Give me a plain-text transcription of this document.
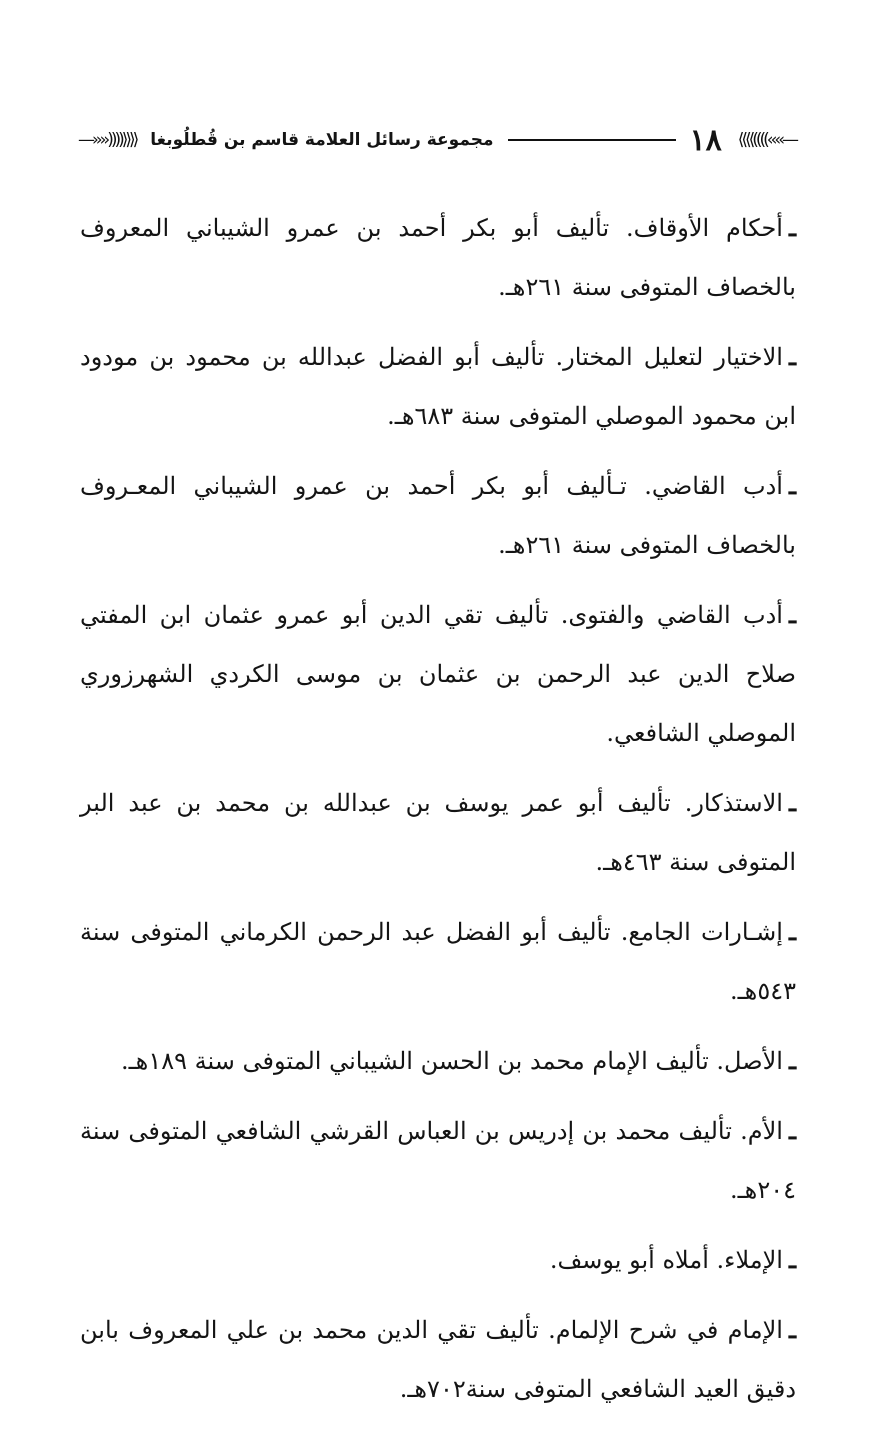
⟨⟨⟨⟨((((‹‹‹‹—
١٨
مجموعة رسائل العلامة قاسم بن قُطلُوبغا
—››››))))⟩⟩⟩⟩
ـأحكام الأوقاف. تأليف أبو بكر أحمد بن عمرو الشيباني المعروف بالخصاف المتوفى سنة ٢٦١هـ.
ـالاختيار لتعليل المختار. تأليف أبو الفضل عبدالله بن محمود بن مودود ابن محمود الموصلي المتوفى سنة ٦٨٣هـ.
ـأدب القاضي. تـأليف أبو بكر أحمد بن عمرو الشيباني المعـروف بالخصاف المتوفى سنة ٢٦١هـ.
ـأدب القاضي والفتوى. تأليف تقي الدين أبو عمرو عثمان ابن المفتي صلاح الدين عبد الرحمن بن عثمان بن موسى الكردي الشهرزوري الموصلي الشافعي.
ـالاستذكار. تأليف أبو عمر يوسف بن عبدالله بن محمد بن عبد البر المتوفى سنة ٤٦٣هـ.
ـإشـارات الجامع. تأليف أبو الفضل عبد الرحمن الكرماني المتوفى سنة ٥٤٣هـ.
ـالأصل. تأليف الإمام محمد بن الحسن الشيباني المتوفى سنة ١٨٩هـ.
ـالأم. تأليف محمد بن إدريس بن العباس القرشي الشافعي المتوفى سنة ٢٠٤هـ.
ـالإملاء. أملاه أبو يوسف.
ـالإمام في شرح الإلمام. تأليف تقي الدين محمد بن علي المعروف بابن دقيق العيد الشافعي المتوفى سنة٧٠٢هـ.
